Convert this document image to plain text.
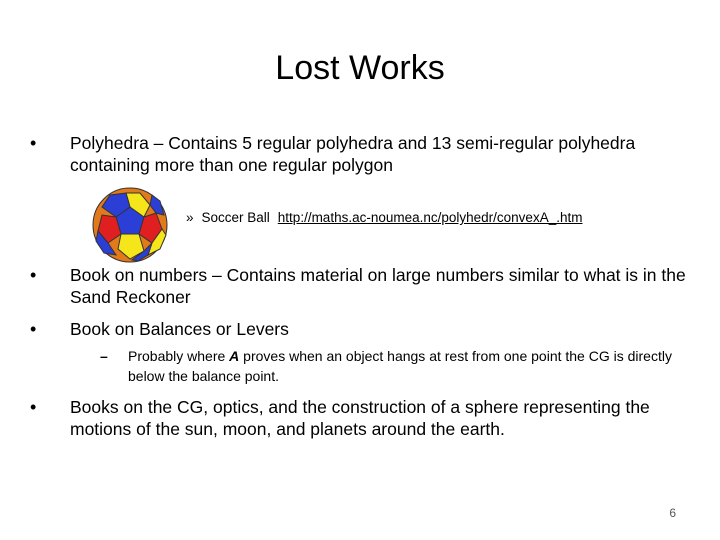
Lost Works
• Polyhedra – Contains 5 regular polyhedra and 13 semi-regular polyhedra containing more than one regular polygon
» Soccer Ball http://maths.ac-noumea.nc/polyhedr/convexA_.htm
• Book on numbers – Contains material on large numbers similar to what is in the Sand Reckoner
• Book on Balances or Levers
– Probably where A proves when an object hangs at rest from one point the CG is directly below the balance point.
• Books on the CG, optics, and the construction of a sphere representing the motions of the sun, moon, and planets around the earth.
6
